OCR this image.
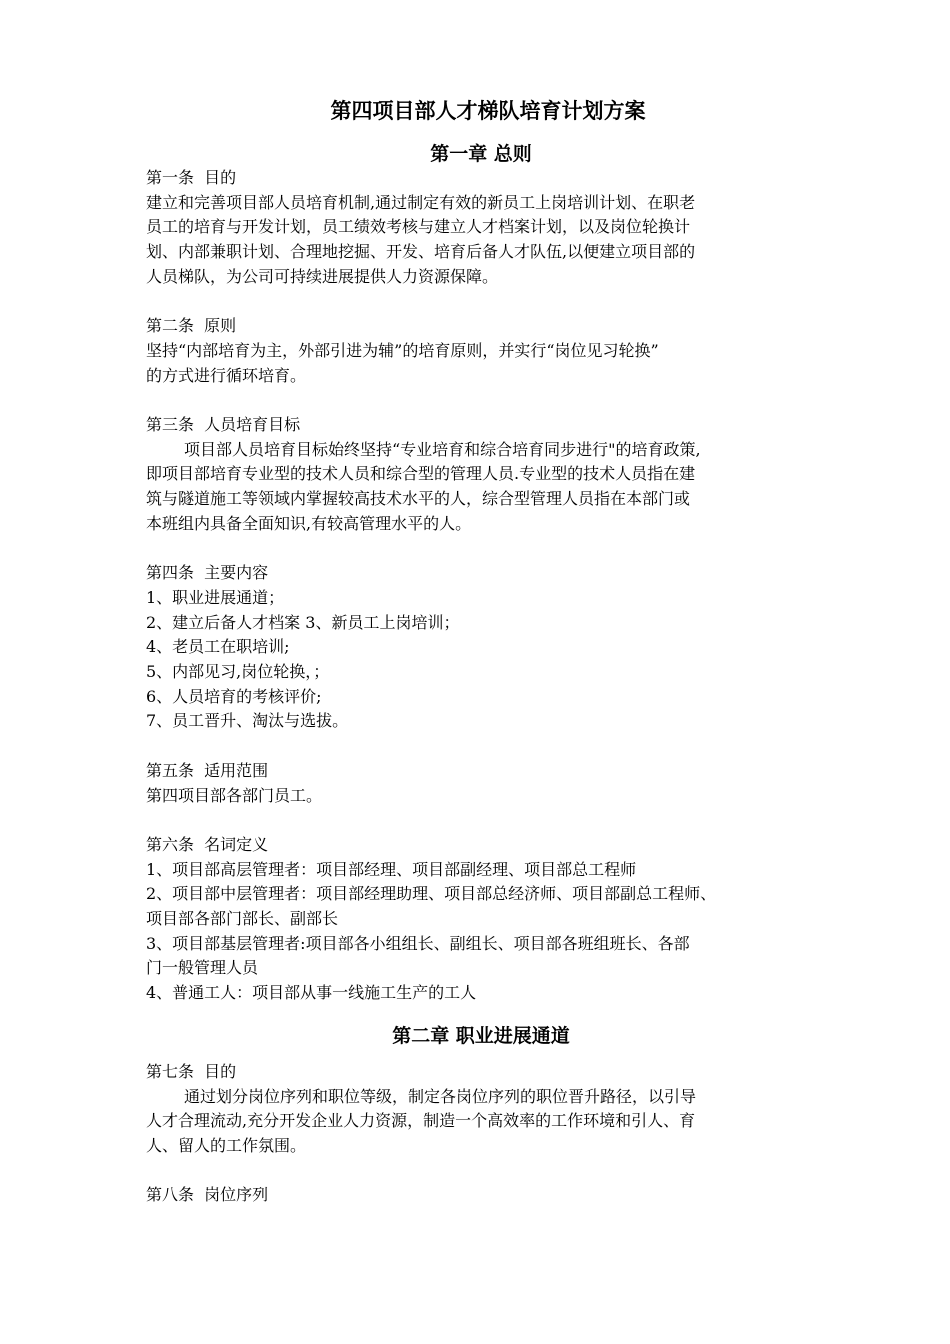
第四项目部人才梯队培育计划方案
第一章 总则

第一条  目的

建立和完善项目部人员培育机制,通过制定有效的新员工上岗培训计划、在职老

员工的培育与开发计划，员工绩效考核与建立人才档案计划，以及岗位轮换计

划、内部兼职计划、合理地挖掘、开发、培育后备人才队伍,以便建立项目部的

人员梯队，为公司可持续进展提供人力资源保障。

第二条  原则

坚持“内部培育为主，外部引进为辅”的培育原则，并实行“岗位见习轮换”

的方式进行循环培育。

第三条  人员培育目标

项目部人员培育目标始终坚持“专业培育和综合培育同步进行"的培育政策,

即项目部培育专业型的技术人员和综合型的管理人员.专业型的技术人员指在建

筑与隧道施工等领域内掌握较高技术水平的人，综合型管理人员指在本部门或

本班组内具备全面知识,有较高管理水平的人。

第四条  主要内容

1、职业进展通道；

2、建立后备人才档案 3、新员工上岗培训；

4、老员工在职培训;

5、内部见习,岗位轮换，；

6、人员培育的考核评价;

7、员工晋升、淘汰与选拔。

第五条  适用范围

第四项目部各部门员工。

第六条  名词定义

1、项目部高层管理者：项目部经理、项目部副经理、项目部总工程师

2、项目部中层管理者：项目部经理助理、项目部总经济师、项目部副总工程师、

项目部各部门部长、副部长

3、项目部基层管理者:项目部各小组组长、副组长、项目部各班组班长、各部

门一般管理人员

4、普通工人：项目部从事一线施工生产的工人

第二章 职业进展通道

第七条  目的

通过划分岗位序列和职位等级，制定各岗位序列的职位晋升路径，以引导

人才合理流动,充分开发企业人力资源，制造一个高效率的工作环境和引人、育

人、留人的工作氛围。

第八条  岗位序列
